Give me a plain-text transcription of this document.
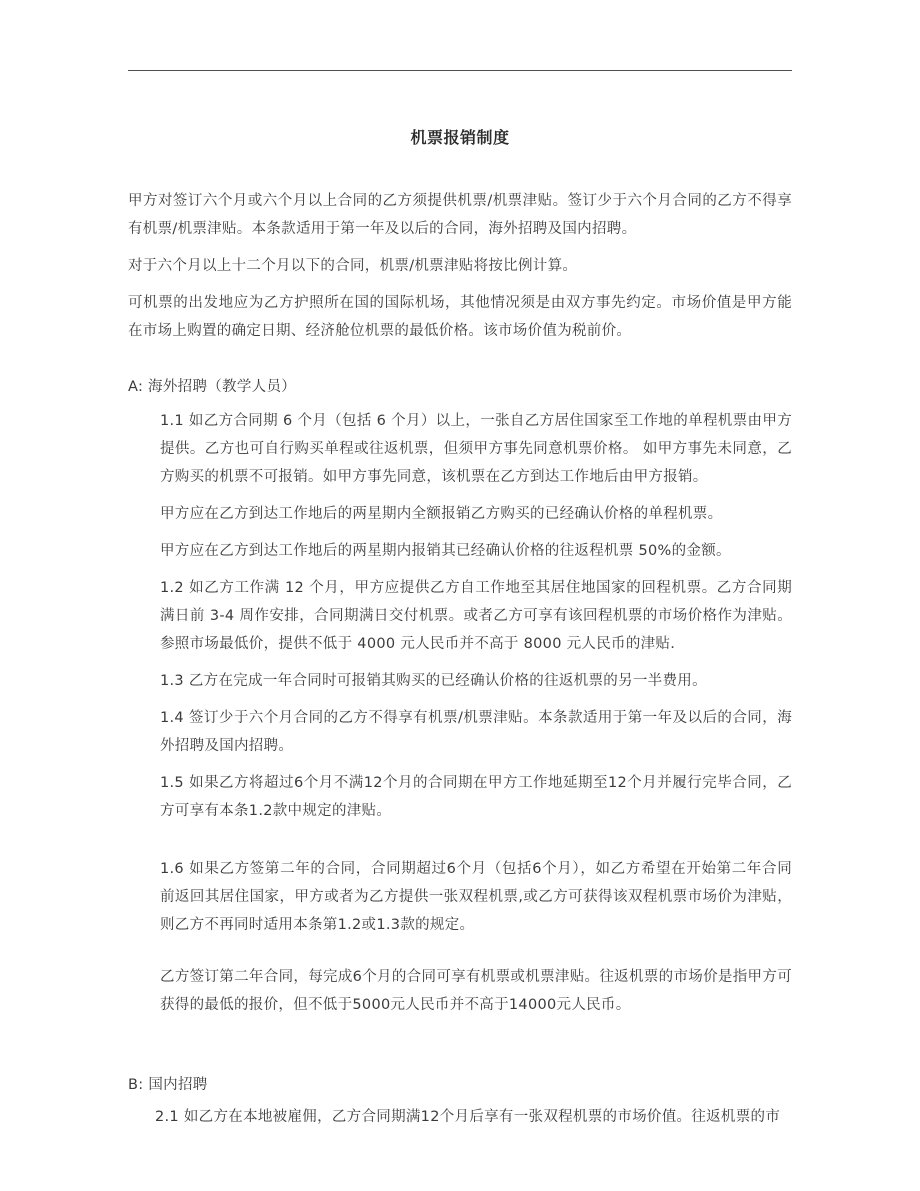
机票报销制度

甲方对签订六个月或六个月以上合同的乙方须提供机票/机票津贴。签订少于六个月合同的乙方不得享有机票/机票津贴。本条款适用于第一年及以后的合同，海外招聘及国内招聘。

对于六个月以上十二个月以下的合同，机票/机票津贴将按比例计算。

可机票的出发地应为乙方护照所在国的国际机场，其他情况须是由双方事先约定。市场价值是甲方能在市场上购置的确定日期、经济舱位机票的最低价格。该市场价值为税前价。

A: 海外招聘（教学人员）

1.1 如乙方合同期 6 个月（包括 6 个月）以上，一张自乙方居住国家至工作地的单程机票由甲方提供。乙方也可自行购买单程或往返机票，但须甲方事先同意机票价格。 如甲方事先未同意，乙方购买的机票不可报销。如甲方事先同意，该机票在乙方到达工作地后由甲方报销。

甲方应在乙方到达工作地后的两星期内全额报销乙方购买的已经确认价格的单程机票。

甲方应在乙方到达工作地后的两星期内报销其已经确认价格的往返程机票 50%的金额。

1.2 如乙方工作满 12 个月，甲方应提供乙方自工作地至其居住地国家的回程机票。乙方合同期满日前 3-4 周作安排，合同期满日交付机票。或者乙方可享有该回程机票的市场价格作为津贴。参照市场最低价，提供不低于 4000 元人民币并不高于 8000 元人民币的津贴.

1.3 乙方在完成一年合同时可报销其购买的已经确认价格的往返机票的另一半费用。

1.4 签订少于六个月合同的乙方不得享有机票/机票津贴。本条款适用于第一年及以后的合同，海外招聘及国内招聘。

1.5 如果乙方将超过6个月不满12个月的合同期在甲方工作地延期至12个月并履行完毕合同，乙方可享有本条1.2款中规定的津贴。

1.6 如果乙方签第二年的合同，合同期超过6个月（包括6个月），如乙方希望在开始第二年合同前返回其居住国家，甲方或者为乙方提供一张双程机票,或乙方可获得该双程机票市场价为津贴，则乙方不再同时适用本条第1.2或1.3款的规定。

乙方签订第二年合同，每完成6个月的合同可享有机票或机票津贴。往返机票的市场价是指甲方可获得的最低的报价，但不低于5000元人民币并不高于14000元人民币。

B: 国内招聘

2.1 如乙方在本地被雇佣，乙方合同期满12个月后享有一张双程机票的市场价值。往返机票的市
